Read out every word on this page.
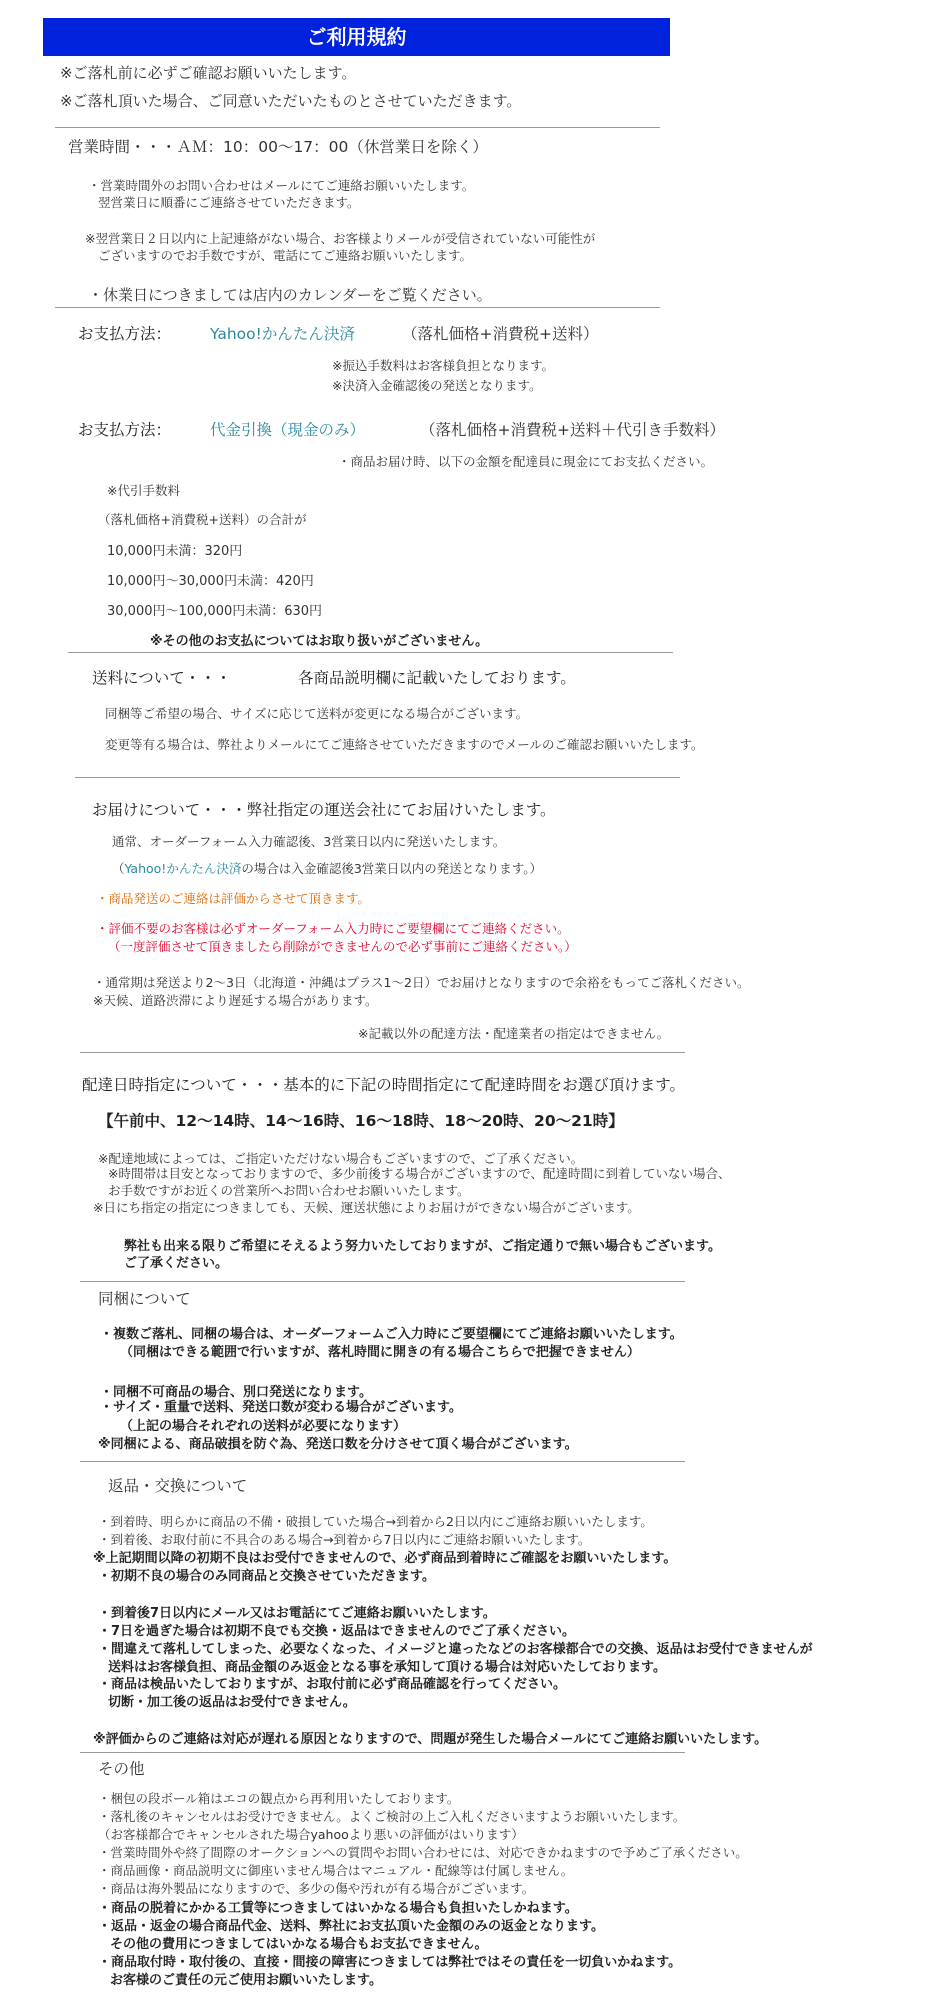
ご利用規約
※ご落札前に必ずご確認お願いいたします。
※ご落札頂いた場合、ご同意いただいたものとさせていただきます。
営業時間・・・ＡＭ：10：00〜17：00（休営業日を除く）
・営業時間外のお問い合わせはメールにてご連絡お願いいたします。
翌営業日に順番にご連絡させていただきます。
※翌営業日２日以内に上記連絡がない場合、お客様よりメールが受信されていない可能性が
ございますのでお手数ですが、電話にてご連絡お願いいたします。
・休業日につきましては店内のカレンダーをご覧ください。
お支払方法：	Yahoo!かんたん決済	（落札価格+消費税+送料）
※振込手数料はお客様負担となります。
※決済入金確認後の発送となります。
お支払方法：	代金引換（現金のみ）	（落札価格+消費税+送料＋代引き手数料）
・商品お届け時、以下の金額を配達員に現金にてお支払ください。
※代引手数料
（落札価格+消費税+送料）の合計が
10,000円未満：320円
10,000円〜30,000円未満：420円
30,000円〜100,000円未満：630円
※その他のお支払についてはお取り扱いがございません。
送料について・・・	各商品説明欄に記載いたしております。
同梱等ご希望の場合、サイズに応じて送料が変更になる場合がございます。
変更等有る場合は、弊社よりメールにてご連絡させていただきますのでメールのご確認お願いいたします。
お届けについて・・・弊社指定の運送会社にてお届けいたします。
通常、オーダーフォーム入力確認後、3営業日以内に発送いたします。
（Yahoo!かんたん決済の場合は入金確認後3営業日以内の発送となります。）
・商品発送のご連絡は評価からさせて頂きます。
・評価不要のお客様は必ずオーダーフォーム入力時にご要望欄にてご連絡ください。
（一度評価させて頂きましたら削除ができませんので必ず事前にご連絡ください。）
・通常期は発送より2〜3日（北海道・沖縄はプラス1〜2日）でお届けとなりますので余裕をもってご落札ください。
※天候、道路渋滞により遅延する場合があります。
※記載以外の配達方法・配達業者の指定はできません。
配達日時指定について・・・基本的に下記の時間指定にて配達時間をお選び頂けます。
【午前中、12〜14時、14〜16時、16〜18時、18〜20時、20〜21時】
※配達地域によっては、ご指定いただけない場合もございますので、ご了承ください。
※時間帯は目安となっておりますので、多少前後する場合がございますので、配達時間に到着していない場合、
お手数ですがお近くの営業所へお問い合わせお願いいたします。
※日にち指定の指定につきましても、天候、運送状態によりお届けができない場合がございます。
弊社も出来る限りご希望にそえるよう努力いたしておりますが、ご指定通りで無い場合もございます。
ご了承ください。
同梱について
・複数ご落札、同梱の場合は、オーダーフォームご入力時にご要望欄にてご連絡お願いいたします。
（同梱はできる範囲で行いますが、落札時間に開きの有る場合こちらで把握できません）
・同梱不可商品の場合、別口発送になります。
・サイズ・重量で送料、発送口数が変わる場合がございます。
（上記の場合それぞれの送料が必要になります）
※同梱による、商品破損を防ぐ為、発送口数を分けさせて頂く場合がございます。
返品・交換について
・到着時、明らかに商品の不備・破損していた場合→到着から2日以内にご連絡お願いいたします。
・到着後、お取付前に不具合のある場合→到着から7日以内にご連絡お願いいたします。
※上記期間以降の初期不良はお受付できませんので、必ず商品到着時にご確認をお願いいたします。
・初期不良の場合のみ同商品と交換させていただきます。
・到着後7日以内にメール又はお電話にてご連絡お願いいたします。
・7日を過ぎた場合は初期不良でも交換・返品はできませんのでご了承ください。
・間違えて落札してしまった、必要なくなった、イメージと違ったなどのお客様都合での交換、返品はお受付できませんが
送料はお客様負担、商品金額のみ返金となる事を承知して頂ける場合は対応いたしております。
・商品は検品いたしておりますが、お取付前に必ず商品確認を行ってください。
切断・加工後の返品はお受付できません。
※評価からのご連絡は対応が遅れる原因となりますので、問題が発生した場合メールにてご連絡お願いいたします。
その他
・梱包の段ボール箱はエコの観点から再利用いたしております。
・落札後のキャンセルはお受けできません。よくご検討の上ご入札くださいますようお願いいたします。
（お客様都合でキャンセルされた場合yahooより悪いの評価がはいります）
・営業時間外や終了間際のオークションへの質問やお問い合わせには、対応できかねますので予めご了承ください。
・商品画像・商品説明文に御座いません場合はマニュアル・配線等は付属しません。
・商品は海外製品になりますので、多少の傷や汚れが有る場合がございます。
・商品の脱着にかかる工賃等につきましてはいかなる場合も負担いたしかねます。
・返品・返金の場合商品代金、送料、弊社にお支払頂いた金額のみの返金となります。
その他の費用につきましてはいかなる場合もお支払できません。
・商品取付時・取付後の、直接・間接の障害につきましては弊社ではその責任を一切負いかねます。
お客様のご責任の元ご使用お願いいたします。
